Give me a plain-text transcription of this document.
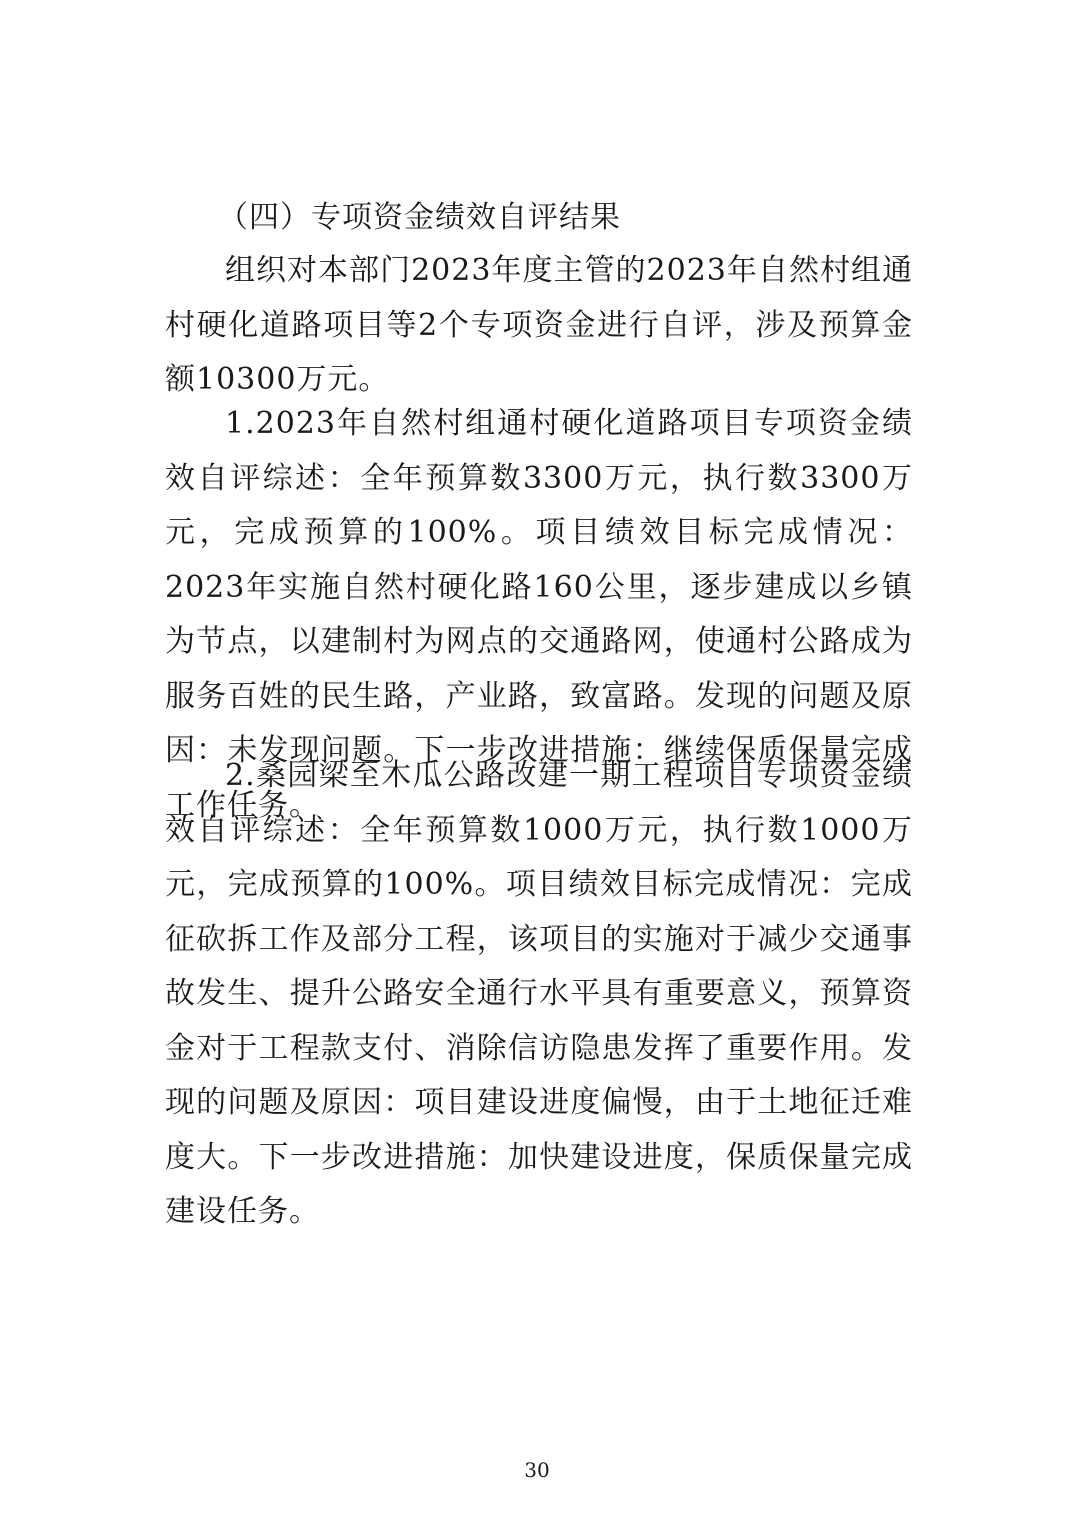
（四）专项资金绩效自评结果

组织对本部门2023年度主管的2023年自然村组通村硬化道路项目等2个专项资金进行自评，涉及预算金额10300万元。

1.2023年自然村组通村硬化道路项目专项资金绩效自评综述：全年预算数3300万元，执行数3300万元，完成预算的100%。项目绩效目标完成情况：2023年实施自然村硬化路160公里，逐步建成以乡镇为节点，以建制村为网点的交通路网，使通村公路成为服务百姓的民生路，产业路，致富路。发现的问题及原因：未发现问题。下一步改进措施：继续保质保量完成工作任务。

2.桑园梁至木瓜公路改建一期工程项目专项资金绩效自评综述：全年预算数1000万元，执行数1000万元，完成预算的100%。项目绩效目标完成情况：完成征砍拆工作及部分工程，该项目的实施对于减少交通事故发生、提升公路安全通行水平具有重要意义，预算资金对于工程款支付、消除信访隐患发挥了重要作用。发现的问题及原因：项目建设进度偏慢，由于土地征迁难度大。下一步改进措施：加快建设进度，保质保量完成建设任务。

30
